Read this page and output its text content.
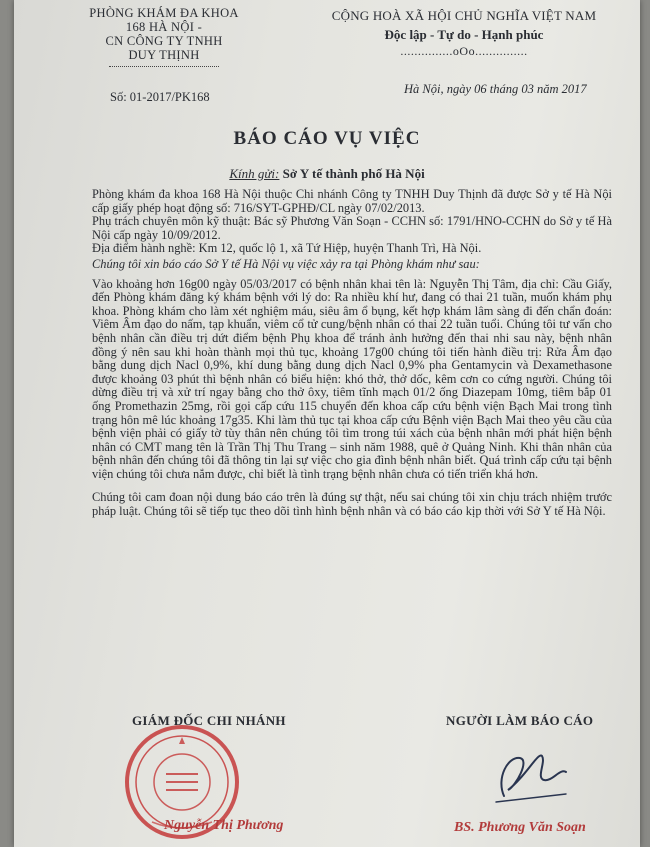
PHÒNG KHÁM ĐA KHOA
168 HÀ NỘI -
CN CÔNG TY TNHH
DUY THỊNH
CỘNG HOÀ XÃ HỘI CHỦ NGHĨA VIỆT NAM
Độc lập - Tự do - Hạnh phúc
...............oOo...............
Hà Nội, ngày 06 tháng 03 năm 2017
Số: 01-2017/PK168
BÁO CÁO VỤ VIỆC
Kính gửi: Sở Y tế thành phố Hà Nội

Phòng khám đa khoa 168 Hà Nội thuộc Chi nhánh Công ty TNHH Duy Thịnh đã được Sở y tế Hà Nội cấp giấy phép hoạt động số: 716/SYT-GPHĐ/CL ngày 07/02/2013.

Phụ trách chuyên môn kỹ thuật: Bác sỹ Phương Văn Soạn - CCHN số: 1791/HNO-CCHN do Sở y tế Hà Nội cấp ngày 10/09/2012.

Địa điểm hành nghề: Km 12, quốc lộ 1, xã Tứ Hiệp, huyện Thanh Trì, Hà Nội.

Chúng tôi xin báo cáo Sở Y tế Hà Nội vụ việc xảy ra tại Phòng khám như sau:

Vào khoảng hơn 16g00 ngày 05/03/2017 có bệnh nhân khai tên là: Nguyễn Thị Tâm, địa chỉ: Cầu Giấy, đến Phòng khám đăng ký khám bệnh với lý do: Ra nhiều khí hư, đang có thai 21 tuần, muốn khám phụ khoa. Phòng khám cho làm xét nghiệm máu, siêu âm ổ bụng, kết hợp khám lâm sàng đi đến chẩn đoán: Viêm Âm đạo do nấm, tạp khuẩn, viêm cổ tử cung/bệnh nhân có thai 22 tuần tuổi. Chúng tôi tư vấn cho bệnh nhân cần điều trị dứt điểm bệnh Phụ khoa để tránh ảnh hưởng đến thai nhi sau này, bệnh nhân đồng ý nên sau khi hoàn thành mọi thủ tục, khoảng 17g00 chúng tôi tiến hành điều trị: Rửa Âm đạo bằng dung dịch Nacl 0,9%, khí dung bằng dung dịch Nacl 0,9% pha Gentamycin và Dexamethasone được khoảng 03 phút thì bệnh nhân có biểu hiện: khó thở, thở dốc, kêm cơn co cứng người. Chúng tôi dừng điều trị và xử trí ngay bằng cho thở ôxy, tiêm tĩnh mạch 01/2 ống Diazepam 10mg, tiêm bắp 01 ống Promethazin 25mg, rồi gọi cấp cứu 115 chuyển đến khoa cấp cứu bệnh viện Bạch Mai trong tình trạng hôn mê lúc khoảng 17g35. Khi làm thủ tục tại khoa cấp cứu Bệnh viện Bạch Mai theo yêu cầu của bệnh viện phải có giấy tờ tùy thân nên chúng tôi tìm trong túi xách của bệnh nhân mới phát hiện bệnh nhân có CMT mang tên là Trần Thị Thu Trang – sinh năm 1988, quê ở Quảng Ninh. Khi thân nhân của bệnh nhân đến chúng tôi đã thông tin lại sự việc cho gia đình bệnh nhân biết. Quá trình cấp cứu tại bệnh viện chúng tôi chưa nắm được, chỉ biết là tình trạng bệnh nhân chưa có tiến triển khá hơn.

Chúng tôi cam đoan nội dung báo cáo trên là đúng sự thật, nếu sai chúng tôi xin chịu trách nhiệm trước pháp luật. Chúng tôi sẽ tiếp tục theo dõi tình hình bệnh nhân và có báo cáo kịp thời với Sở Y tế Hà Nội.

GIÁM ĐỐC CHI NHÁNH	NGƯỜI LÀM BÁO CÁO
Nguyễn Thị Phương	BS. Phương Văn Soạn
